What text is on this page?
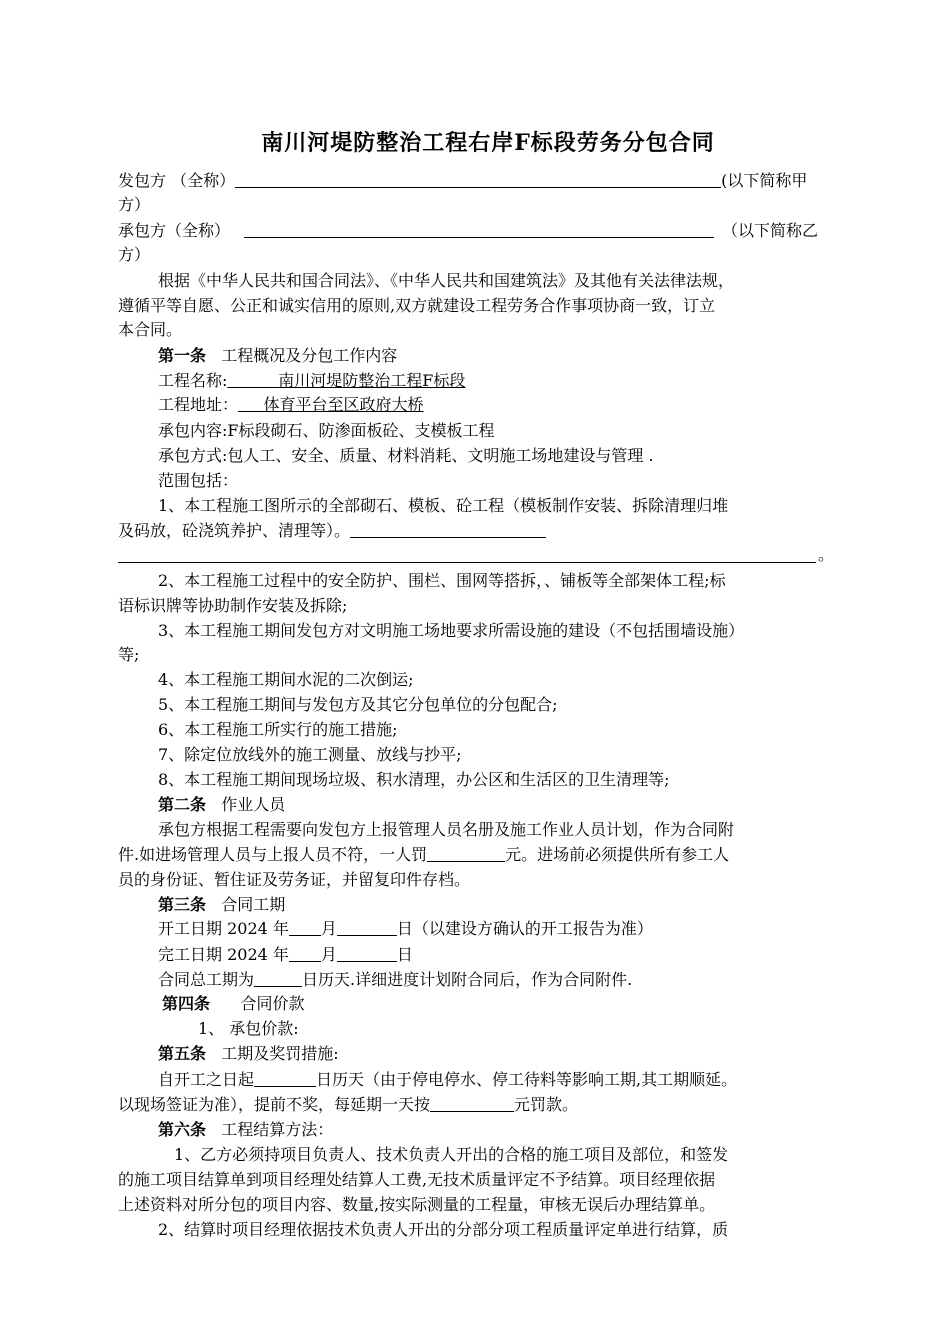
南川河堤防整治工程右岸F标段劳务分包合同
发包方 （全称）	(以下简称甲
方）
承包方（全称）	（以下简称乙
方）
根据《中华人民共和国合同法》、《中华人民共和国建筑法》及其他有关法律法规，
遵循平等自愿、公正和诚实信用的原则,双方就建设工程劳务合作事项协商一致，订立
本合同。
第一条 工程概况及分包工作内容
工程名称:	南川河堤防整治工程F标段
工程地址： 体育平台至区政府大桥
承包内容:F标段砌石、防渗面板砼、支模板工程
承包方式:包人工、安全、质量、材料消耗、文明施工场地建设与管理 .
范围包括：
1、本工程施工图所示的全部砌石、模板、砼工程（模板制作安装、拆除清理归堆
及码放，砼浇筑养护、清理等）。
。
2、本工程施工过程中的安全防护、围栏、围网等搭拆，、铺板等全部架体工程;标
语标识牌等协助制作安装及拆除;
3、本工程施工期间发包方对文明施工场地要求所需设施的建设（不包括围墙设施）
等;
4、本工程施工期间水泥的二次倒运;
5、本工程施工期间与发包方及其它分包单位的分包配合;
6、本工程施工所实行的施工措施;
7、除定位放线外的施工测量、放线与抄平;
8、本工程施工期间现场垃圾、积水清理，办公区和生活区的卫生清理等;
第二条 作业人员
承包方根据工程需要向发包方上报管理人员名册及施工作业人员计划，作为合同附
件.如进场管理人员与上报人员不符，一人罚	元。进场前必须提供所有参工人
员的身份证、暂住证及劳务证，并留复印件存档。
第三条 合同工期
开工日期 2024 年 月	日（以建设方确认的开工报告为准）
完工日期 2024 年 月	日
合同总工期为	日历天.详细进度计划附合同后，作为合同附件.
第四条 合同价款
1、 承包价款:
第五条 工期及奖罚措施:
自开工之日起	日历天（由于停电停水、停工待料等影响工期,其工期顺延。
以现场签证为准），提前不奖，每延期一天按	元罚款。
第六条 工程结算方法：
1、乙方必须持项目负责人、技术负责人开出的合格的施工项目及部位，和签发
的施工项目结算单到项目经理处结算人工费,无技术质量评定不予结算。项目经理依据
上述资料对所分包的项目内容、数量,按实际测量的工程量，审核无误后办理结算单。
2、结算时项目经理依据技术负责人开出的分部分项工程质量评定单进行结算，质
